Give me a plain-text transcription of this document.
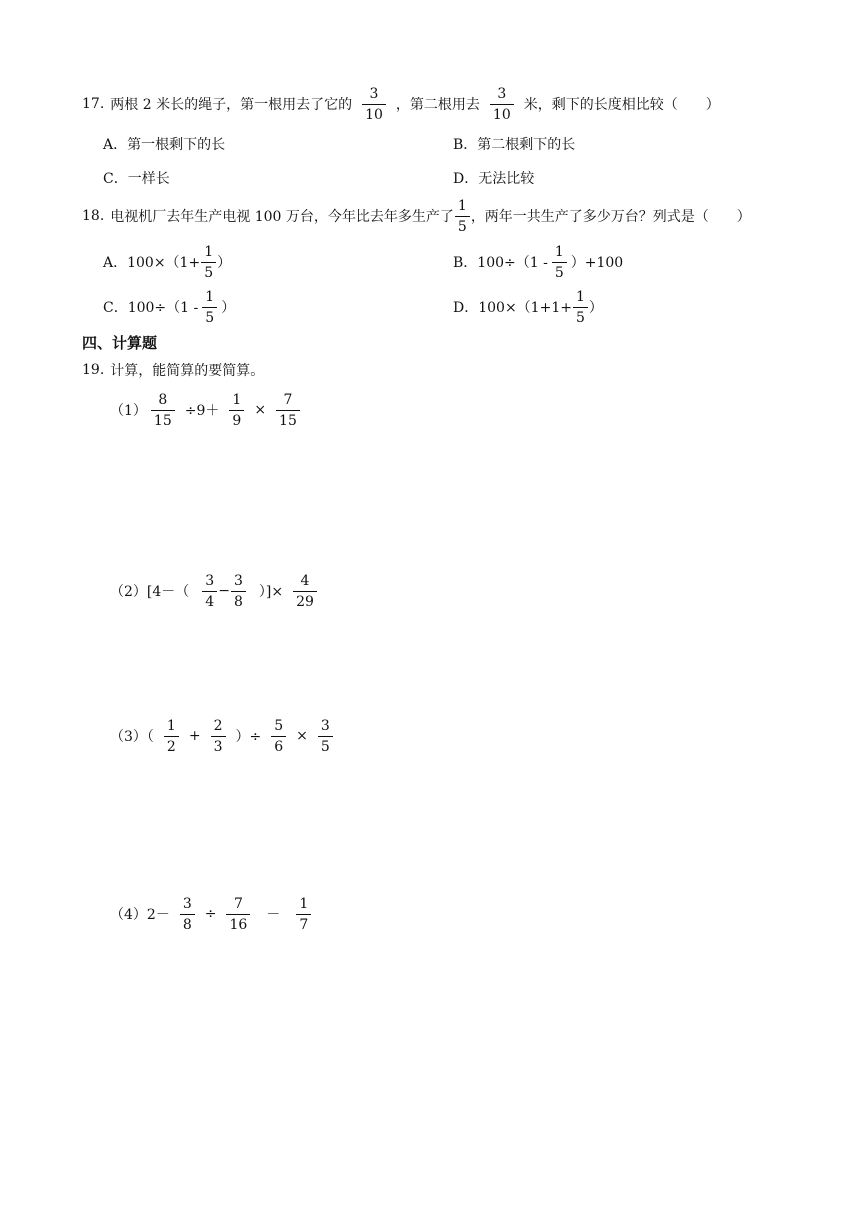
17. 两根 2 米长的绳子，第一根用去了它的 $\frac{3}{10}$ ，第二根用去 $\frac{3}{10}$ 米，剩下的长度相比较（　　）
A．第一根剩下的长	B．第二根剩下的长
C．一样长	D．无法比较
18. 电视机厂去年生产电视 100 万台，今年比去年多生产了 $\frac{1}{5}$ ，两年一共生产了多少万台？列式是（　　）
A．$100\times(1+ \frac{1}{5}$ ）	B．$100\div(1 - \frac{1}{5} )+100$
C．$100\div(1 - \frac{1}{5}$ ）	D．$100\times(1+1+ \frac{1}{5}$ ）
四、计算题
19. 计算，能简算的要简算。
$(1) \frac{8}{15} \div 9+ \frac{1}{9} \times \frac{7}{15}$
$(2)[4-( \frac{3}{4} - \frac{3}{8}$ ）]× $\frac{4}{29}$
$(3)( \frac{1}{2} + \frac{2}{3}$ ）÷ $\frac{5}{6} \times \frac{3}{5}$
$(4)2- \frac{3}{8} \div \frac{7}{16} - \frac{1}{7}$
